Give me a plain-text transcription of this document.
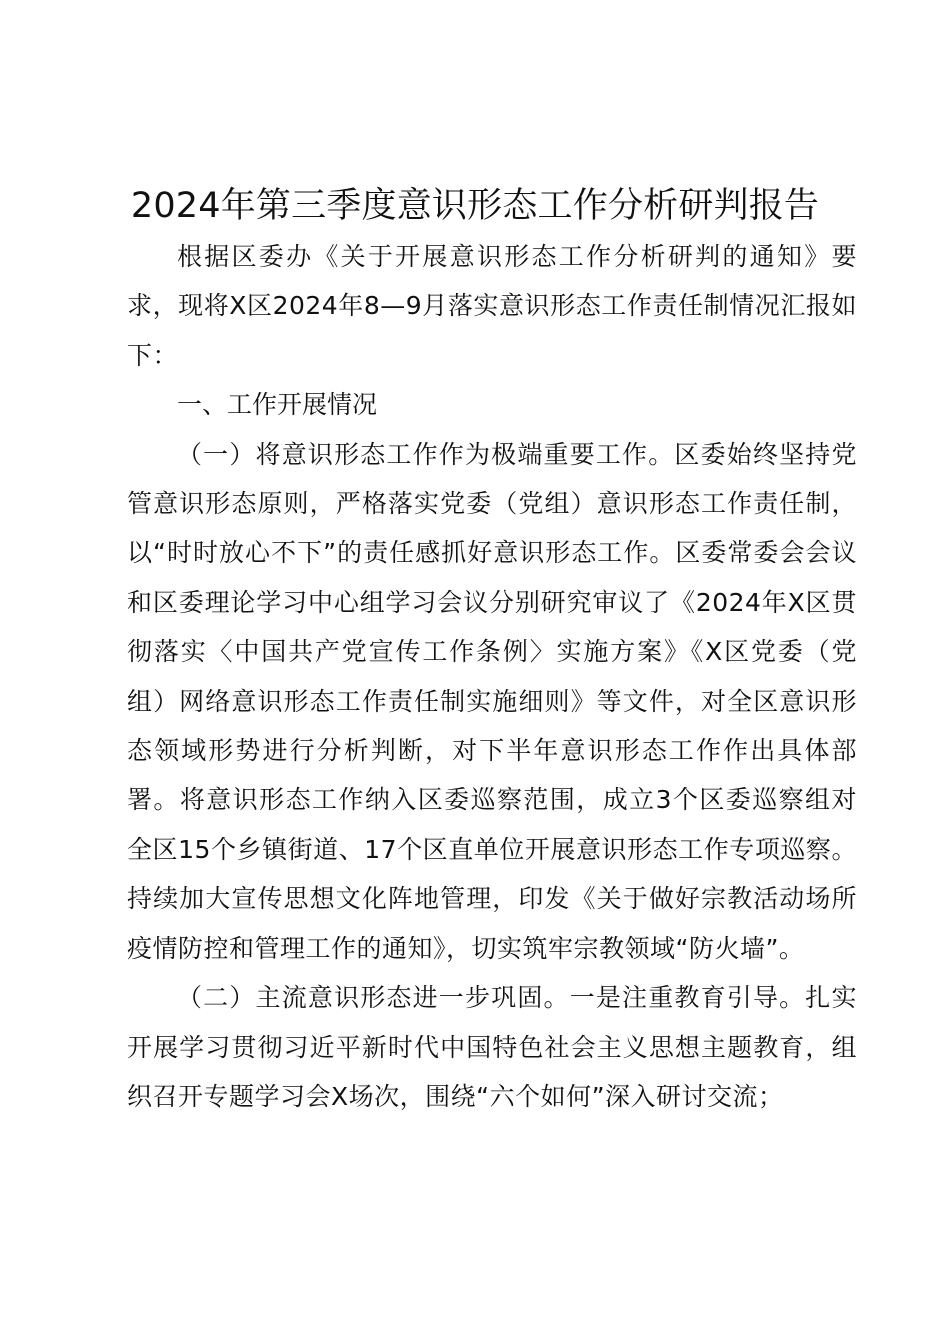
2024年第三季度意识形态工作分析研判报告

根据区委办《关于开展意识形态工作分析研判的通知》要求，现将X区2024年8—9月落实意识形态工作责任制情况汇报如下：

一、工作开展情况

（一）将意识形态工作作为极端重要工作。区委始终坚持党管意识形态原则，严格落实党委（党组）意识形态工作责任制，以“时时放心不下”的责任感抓好意识形态工作。区委常委会会议和区委理论学习中心组学习会议分别研究审议了《2024年X区贯彻落实〈中国共产党宣传工作条例〉实施方案》《X区党委（党组）网络意识形态工作责任制实施细则》等文件，对全区意识形态领域形势进行分析判断，对下半年意识形态工作作出具体部署。将意识形态工作纳入区委巡察范围，成立3个区委巡察组对全区15个乡镇街道、17个区直单位开展意识形态工作专项巡察。持续加大宣传思想文化阵地管理，印发《关于做好宗教活动场所疫情防控和管理工作的通知》，切实筑牢宗教领域“防火墙”。

（二）主流意识形态进一步巩固。一是注重教育引导。扎实开展学习贯彻习近平新时代中国特色社会主义思想主题教育，组织召开专题学习会X场次，围绕“六个如何”深入研讨交流；
